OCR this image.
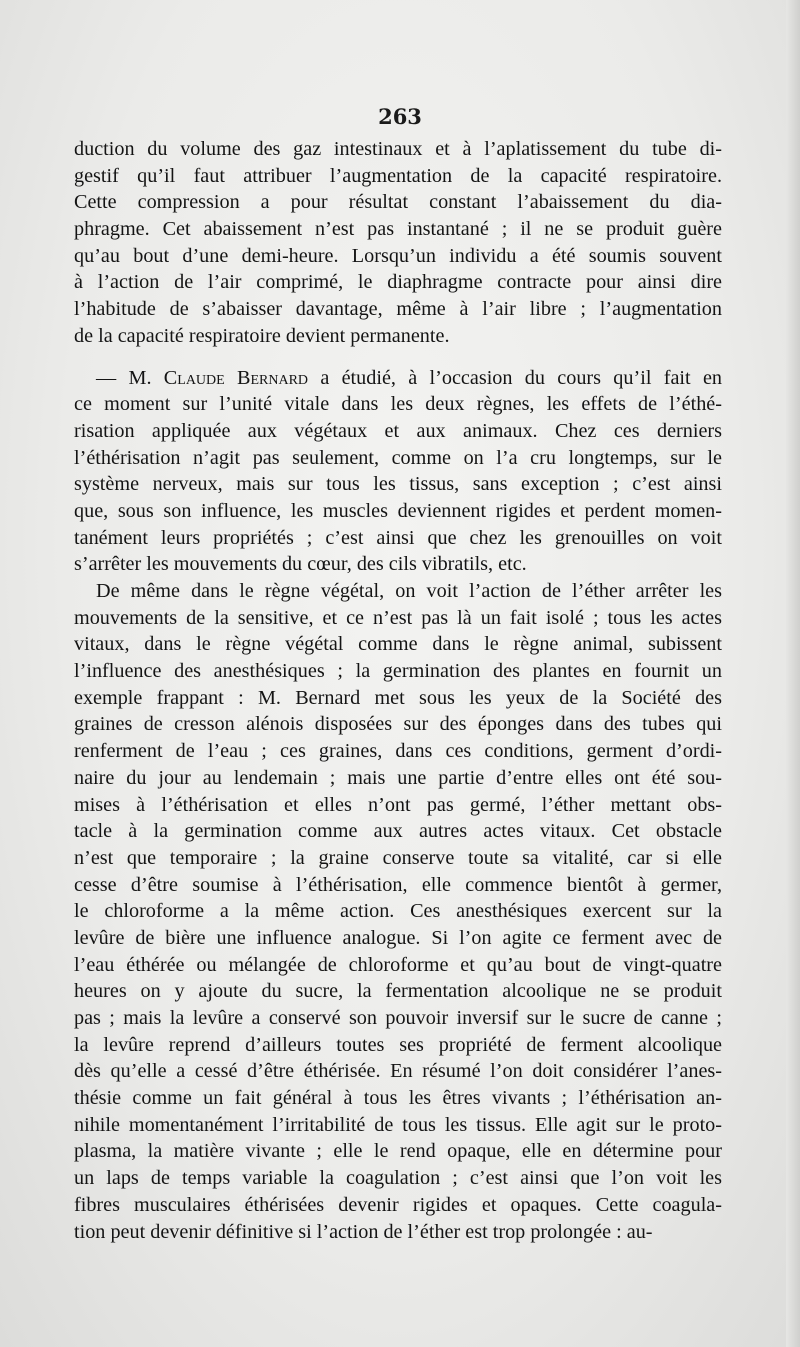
263
duction du volume des gaz intestinaux et à l’aplatissement du tube di-
gestif qu’il faut attribuer l’augmentation de la capacité respiratoire.
Cette compression a pour résultat constant l’abaissement du dia-
phragme. Cet abaissement n’est pas instantané ; il ne se produit guère
qu’au bout d’une demi-heure. Lorsqu’un individu a été soumis souvent
à l’action de l’air comprimé, le diaphragme contracte pour ainsi dire
l’habitude de s’abaisser davantage, même à l’air libre ; l’augmentation
de la capacité respiratoire devient permanente.
— M. Claude Bernard a étudié, à l’occasion du cours qu’il fait en
ce moment sur l’unité vitale dans les deux règnes, les effets de l’éthé-
risation appliquée aux végétaux et aux animaux. Chez ces derniers
l’éthérisation n’agit pas seulement, comme on l’a cru longtemps, sur le
système nerveux, mais sur tous les tissus, sans exception ; c’est ainsi
que, sous son influence, les muscles deviennent rigides et perdent momen-
tanément leurs propriétés ; c’est ainsi que chez les grenouilles on voit
s’arrêter les mouvements du cœur, des cils vibratils, etc.
De même dans le règne végétal, on voit l’action de l’éther arrêter les
mouvements de la sensitive, et ce n’est pas là un fait isolé ; tous les actes
vitaux, dans le règne végétal comme dans le règne animal, subissent
l’influence des anesthésiques ; la germination des plantes en fournit un
exemple frappant : M. Bernard met sous les yeux de la Société des
graines de cresson alénois disposées sur des éponges dans des tubes qui
renferment de l’eau ; ces graines, dans ces conditions, germent d’ordi-
naire du jour au lendemain ; mais une partie d’entre elles ont été sou-
mises à l’éthérisation et elles n’ont pas germé, l’éther mettant obs-
tacle à la germination comme aux autres actes vitaux. Cet obstacle
n’est que temporaire ; la graine conserve toute sa vitalité, car si elle
cesse d’être soumise à l’éthérisation, elle commence bientôt à germer,
le chloroforme a la même action. Ces anesthésiques exercent sur la
levûre de bière une influence analogue. Si l’on agite ce ferment avec de
l’eau éthérée ou mélangée de chloroforme et qu’au bout de vingt-quatre
heures on y ajoute du sucre, la fermentation alcoolique ne se produit
pas ; mais la levûre a conservé son pouvoir inversif sur le sucre de canne ;
la levûre reprend d’ailleurs toutes ses propriété de ferment alcoolique
dès qu’elle a cessé d’être éthérisée. En résumé l’on doit considérer l’anes-
thésie comme un fait général à tous les êtres vivants ; l’éthérisation an-
nihile momentanément l’irritabilité de tous les tissus. Elle agit sur le proto-
plasma, la matière vivante ; elle le rend opaque, elle en détermine pour
un laps de temps variable la coagulation ; c’est ainsi que l’on voit les
fibres musculaires éthérisées devenir rigides et opaques. Cette coagula-
tion peut devenir définitive si l’action de l’éther est trop prolongée : au-
